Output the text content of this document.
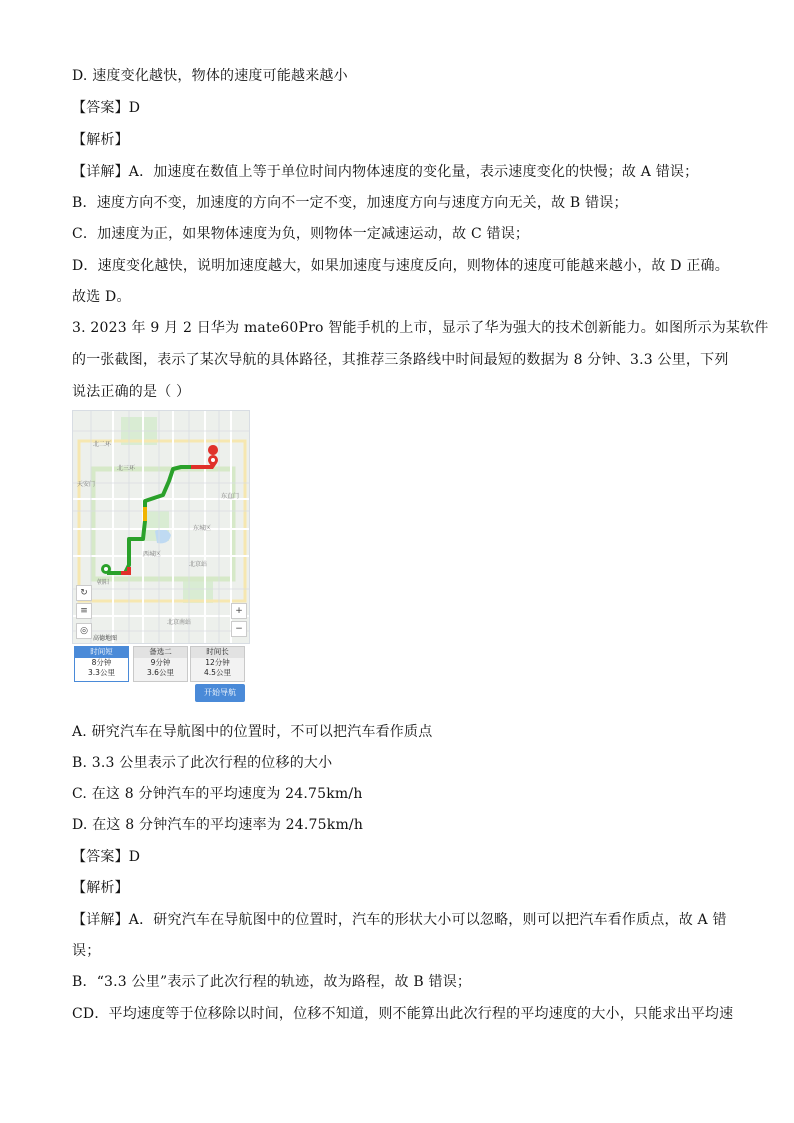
D. 速度变化越快，物体的速度可能越来越小
【答案】D
【解析】
【详解】A．加速度在数值上等于单位时间内物体速度的变化量，表示速度变化的快慢；故 A 错误；
B．速度方向不变，加速度的方向不一定不变，加速度方向与速度方向无关，故 B 错误；
C．加速度为正，如果物体速度为负，则物体一定减速运动，故 C 错误；
D．速度变化越快，说明加速度越大，如果加速度与速度反向，则物体的速度可能越来越小，故 D 正确。
故选 D。
3. 2023 年 9 月 2 日华为 mate60Pro 智能手机的上市，显示了华为强大的技术创新能力。如图所示为某软件
的一张截图，表示了某次导航的具体路径，其推荐三条路线中时间最短的数据为 8 分钟、3.3 公里，下列
说法正确的是（ ）
北二环
北三环
东城区
西城区
北京站
北京南站
天安门
东直门
朝阳
↻
≡
◎
+
−
高德地图
时间短
8分钟
3.3公里
备选二
9分钟
3.6公里
时间长
12分钟
4.5公里
开始导航
A. 研究汽车在导航图中的位置时，不可以把汽车看作质点
B. 3.3 公里表示了此次行程的位移的大小
C. 在这 8 分钟汽车的平均速度为 24.75km/h
D. 在这 8 分钟汽车的平均速率为 24.75km/h
【答案】D
【解析】
【详解】A．研究汽车在导航图中的位置时，汽车的形状大小可以忽略，则可以把汽车看作质点，故 A 错
误；
B．“3.3 公里”表示了此次行程的轨迹，故为路程，故 B 错误；
CD．平均速度等于位移除以时间，位移不知道，则不能算出此次行程的平均速度的大小，只能求出平均速
